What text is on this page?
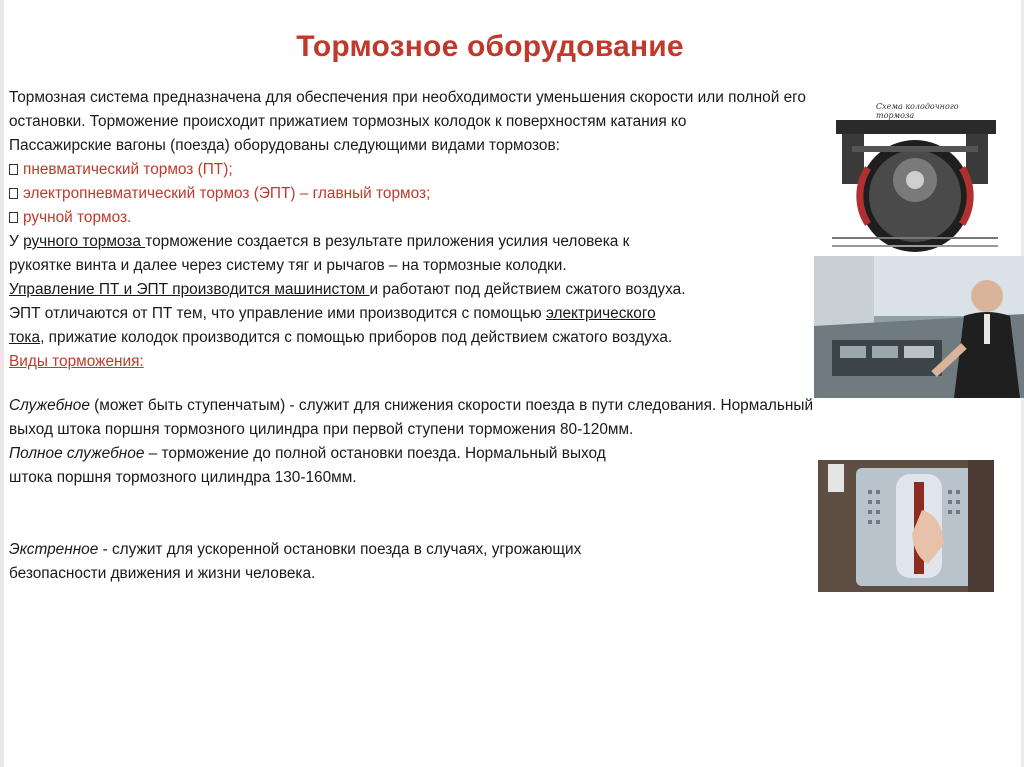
Тормозное оборудование
Тормозная система предназначена для обеспечения при необходимости уменьшения скорости или полной его
остановки. Торможение происходит прижатием тормозных колодок к поверхностям катания ко
Пассажирские вагоны (поезда) оборудованы следующими видами тормозов:
пневматический тормоз (ПТ);
электропневматический тормоз (ЭПТ) – главный тормоз;
ручной тормоз.
У ручного тормоза торможение создается в результате приложения усилия человека к
рукоятке винта и далее через систему тяг и рычагов – на тормозные колодки.
Управление ПТ и ЭПТ производится машинистом и работают под действием сжатого воздуха.
ЭПТ отличаются от ПТ тем, что управление ими производится с помощью электрического
тока, прижатие колодок производится с помощью приборов под действием сжатого воздуха.
Виды торможения:
Служебное (может быть ступенчатым) - служит для снижения скорости поезда в пути следования. Нормальный
выход штока поршня тормозного цилиндра при первой ступени торможения 80-120мм.
Полное служебное – торможение до полной остановки поезда. Нормальный выход
штока поршня тормозного цилиндра 130-160мм.
Экстренное - служит для ускоренной остановки поезда в случаях, угрожающих
безопасности движения и жизни человека.
Схема колодочного тормоза
